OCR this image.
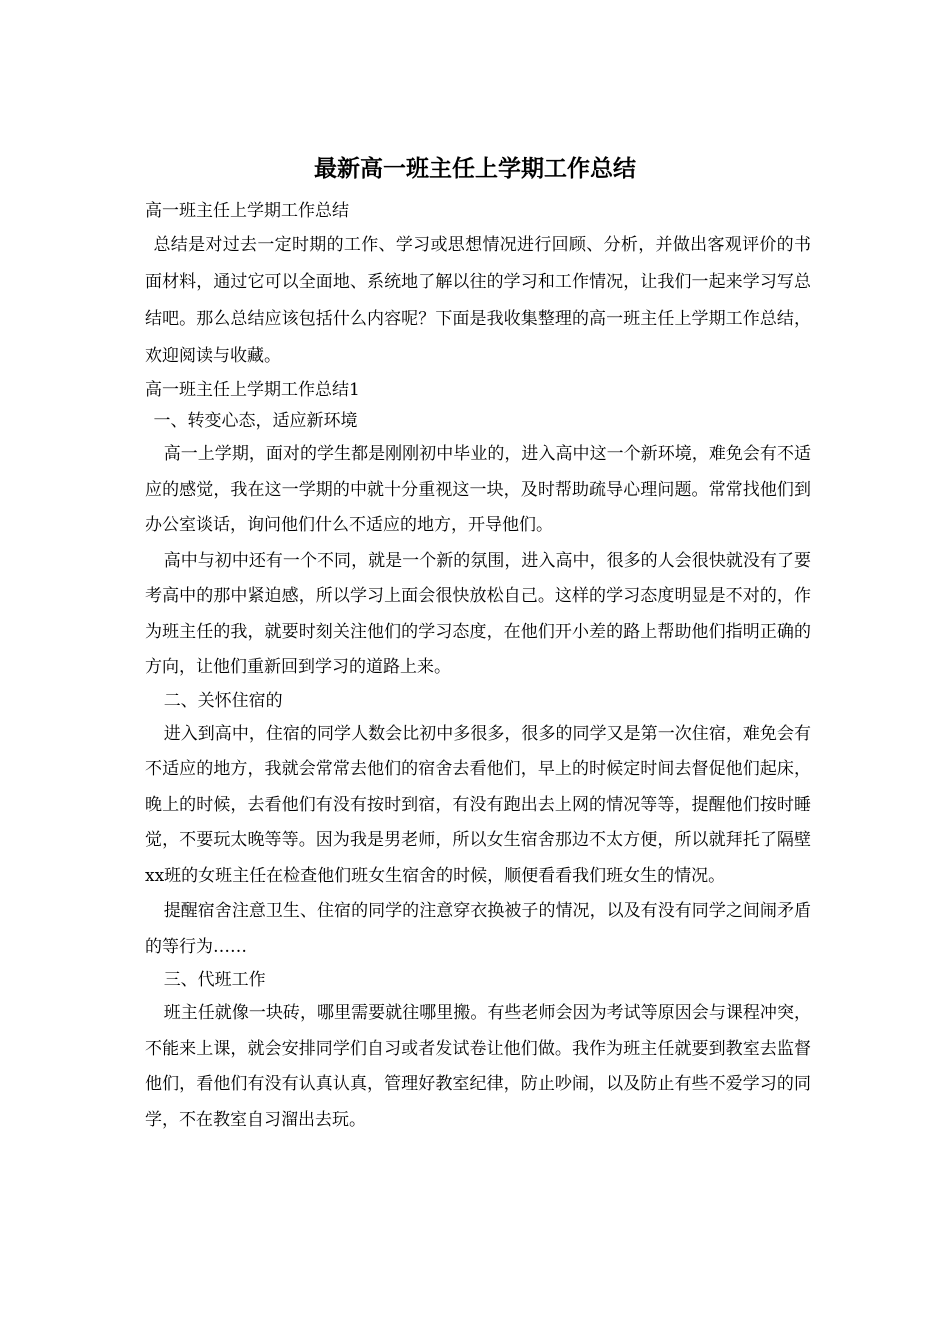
最新高一班主任上学期工作总结
高一班主任上学期工作总结
总结是对过去一定时期的工作、学习或思想情况进行回顾、分析，并做出客观评价的书面材料，通过它可以全面地、系统地了解以往的学习和工作情况，让我们一起来学习写总结吧。那么总结应该包括什么内容呢？下面是我收集整理的高一班主任上学期工作总结，欢迎阅读与收藏。
高一班主任上学期工作总结1
一、转变心态，适应新环境
高一上学期，面对的学生都是刚刚初中毕业的，进入高中这一个新环境，难免会有不适应的感觉，我在这一学期的中就十分重视这一块，及时帮助疏导心理问题。常常找他们到办公室谈话，询问他们什么不适应的地方，开导他们。
高中与初中还有一个不同，就是一个新的氛围，进入高中，很多的人会很快就没有了要考高中的那中紧迫感，所以学习上面会很快放松自己。这样的学习态度明显是不对的，作为班主任的我，就要时刻关注他们的学习态度，在他们开小差的路上帮助他们指明正确的方向，让他们重新回到学习的道路上来。
二、关怀住宿的
进入到高中，住宿的同学人数会比初中多很多，很多的同学又是第一次住宿，难免会有不适应的地方，我就会常常去他们的宿舍去看他们，早上的时候定时间去督促他们起床，晚上的时候，去看他们有没有按时到宿，有没有跑出去上网的情况等等，提醒他们按时睡觉，不要玩太晚等等。因为我是男老师，所以女生宿舍那边不太方便，所以就拜托了隔壁xx班的女班主任在检查他们班女生宿舍的时候，顺便看看我们班女生的情况。
提醒宿舍注意卫生、住宿的同学的注意穿衣换被子的情况，以及有没有同学之间闹矛盾的等行为……
三、代班工作
班主任就像一块砖，哪里需要就往哪里搬。有些老师会因为考试等原因会与课程冲突，不能来上课，就会安排同学们自习或者发试卷让他们做。我作为班主任就要到教室去监督他们，看他们有没有认真认真，管理好教室纪律，防止吵闹，以及防止有些不爱学习的同学，不在教室自习溜出去玩。
